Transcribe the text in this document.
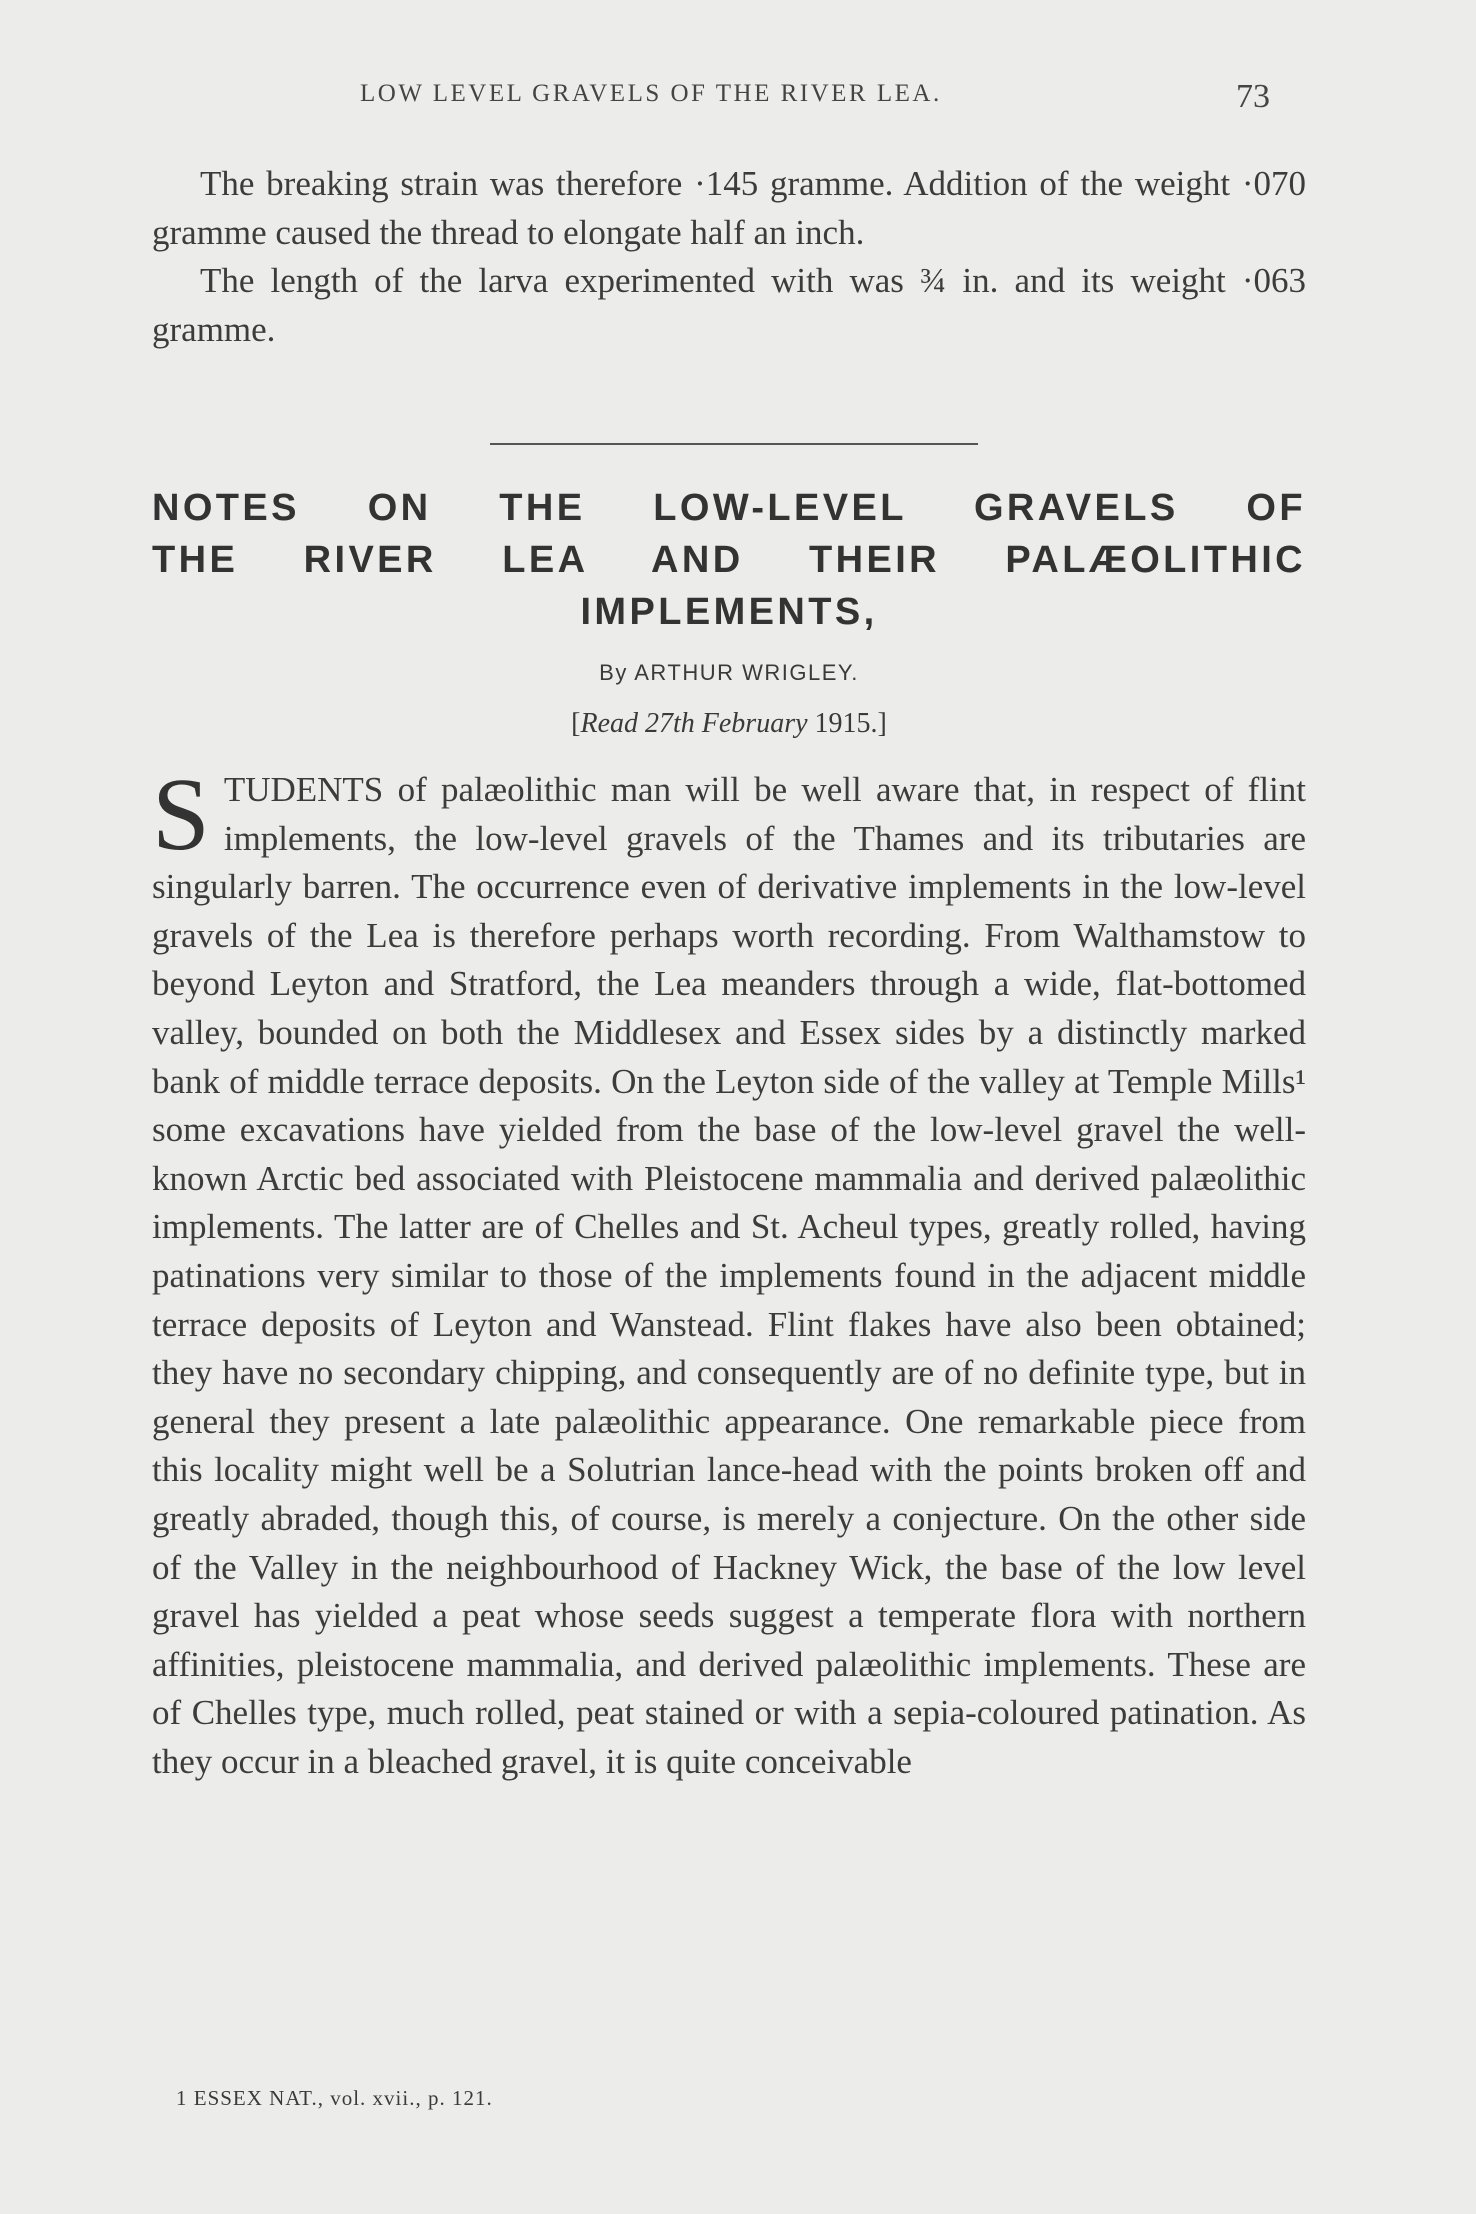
LOW LEVEL GRAVELS OF THE RIVER LEA.	73

The breaking strain was therefore ·145 gramme. Addition of the weight ·070 gramme caused the thread to elongate half an inch.

The length of the larva experimented with was ¾ in. and its weight ·063 gramme.

NOTES ON THE LOW-LEVEL GRAVELS OF
THE RIVER LEA AND THEIR PALÆOLITHIC
IMPLEMENTS,
By ARTHUR WRIGLEY.
[Read 27th February 1915.]

STUDENTS of palæolithic man will be well aware that, in respect of flint implements, the low-level gravels of the Thames and its tributaries are singularly barren. The occurrence even of derivative implements in the low-level gravels of the Lea is therefore perhaps worth recording. From Walthamstow to beyond Leyton and Stratford, the Lea meanders through a wide, flat-bottomed valley, bounded on both the Middlesex and Essex sides by a distinctly marked bank of middle terrace deposits. On the Leyton side of the valley at Temple Mills¹ some excavations have yielded from the base of the low-level gravel the well-known Arctic bed associated with Pleistocene mammalia and derived palæolithic implements. The latter are of Chelles and St. Acheul types, greatly rolled, having patinations very similar to those of the implements found in the adjacent middle terrace deposits of Leyton and Wanstead. Flint flakes have also been obtained; they have no secondary chipping, and consequently are of no definite type, but in general they present a late palæolithic appearance. One remarkable piece from this locality might well be a Solutrian lance-head with the points broken off and greatly abraded, though this, of course, is merely a conjecture. On the other side of the Valley in the neighbourhood of Hackney Wick, the base of the low level gravel has yielded a peat whose seeds suggest a temperate flora with northern affinities, pleistocene mammalia, and derived palæolithic implements. These are of Chelles type, much rolled, peat stained or with a sepia-coloured patination. As they occur in a bleached gravel, it is quite conceivable

1 ESSEX NAT., vol. xvii., p. 121.
